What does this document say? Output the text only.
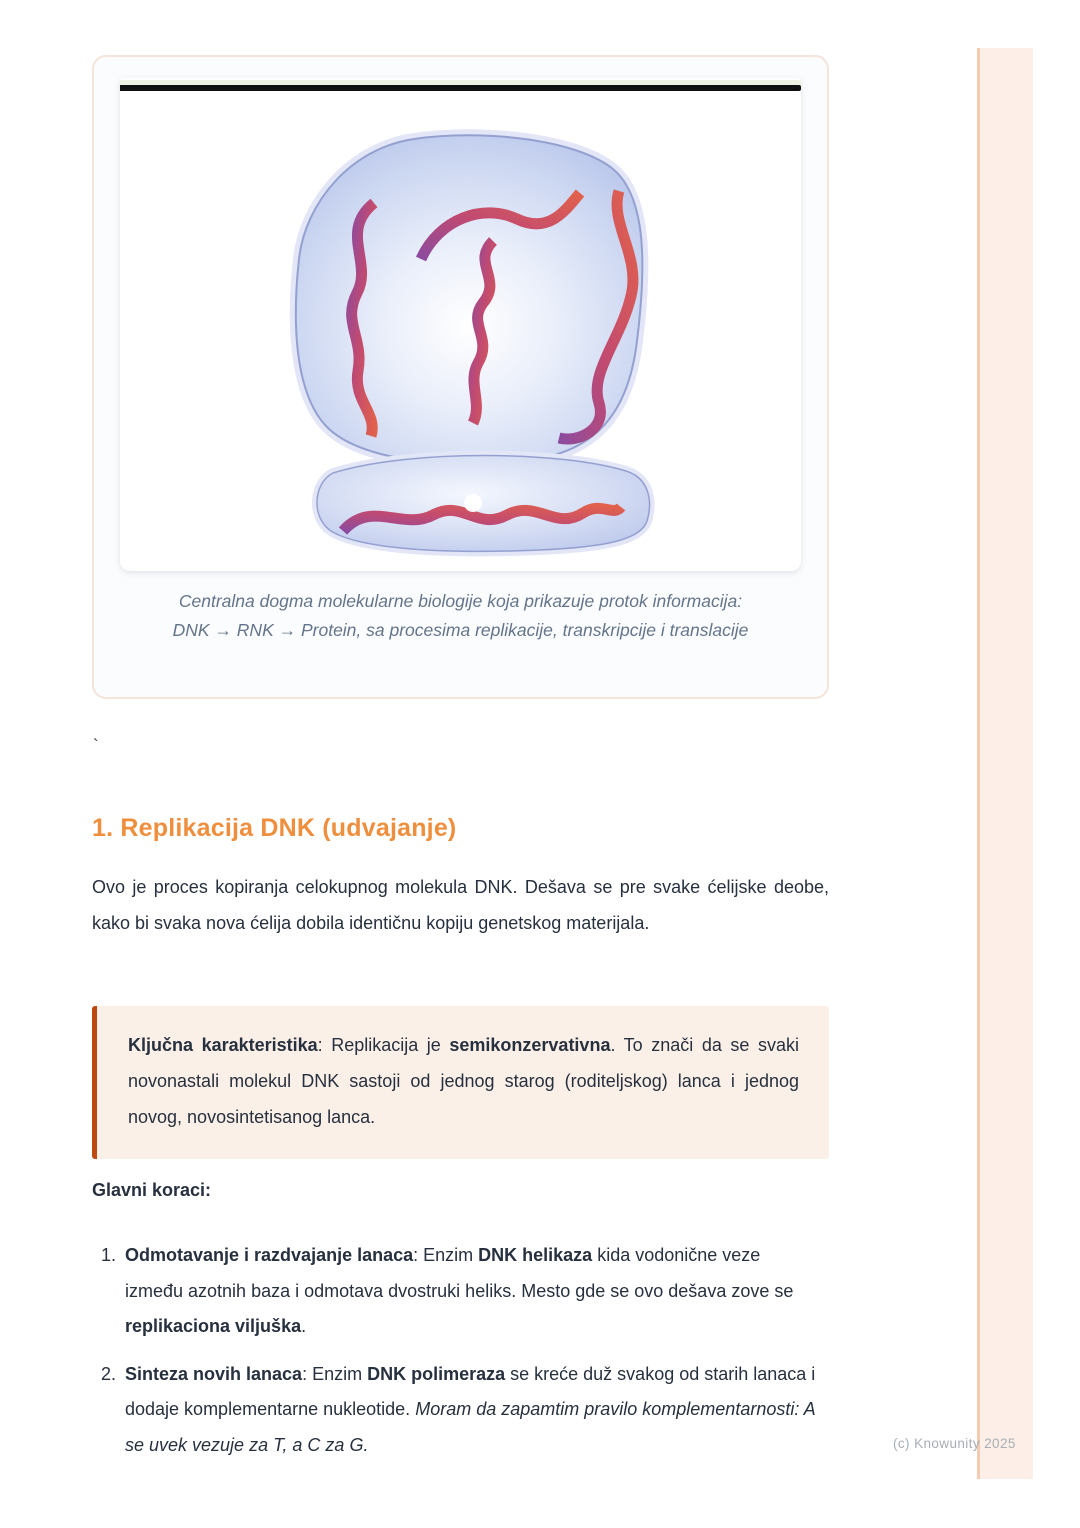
Centralna dogma molekularne biologije koja prikazuje protok informacija:
DNK → RNK → Protein, sa procesima replikacije, transkripcije i translacije
`
1. Replikacija DNK (udvajanje)

Ovo je proces kopiranja celokupnog molekula DNK. Dešava se pre svake ćelijske deobe, kako bi svaka nova ćelija dobila identičnu kopiju genetskog materijala.

Ključna karakteristika: Replikacija je semikonzervativna. To znači da se svaki novonastali molekul DNK sastoji od jednog starog (roditeljskog) lanca i jednog novog, novosintetisanog lanca.
Glavni koraci:
1. Odmotavanje i razdvajanje lanaca: Enzim DNK helikaza kida vodonične veze između azotnih baza i odmotava dvostruki heliks. Mesto gde se ovo dešava zove se replikaciona viljuška.
2. Sinteza novih lanaca: Enzim DNK polimeraza se kreće duž svakog od starih lanaca i dodaje komplementarne nukleotide. Moram da zapamtim pravilo komplementarnosti: A se uvek vezuje za T, a C za G.	(c) Knowunity 2025
